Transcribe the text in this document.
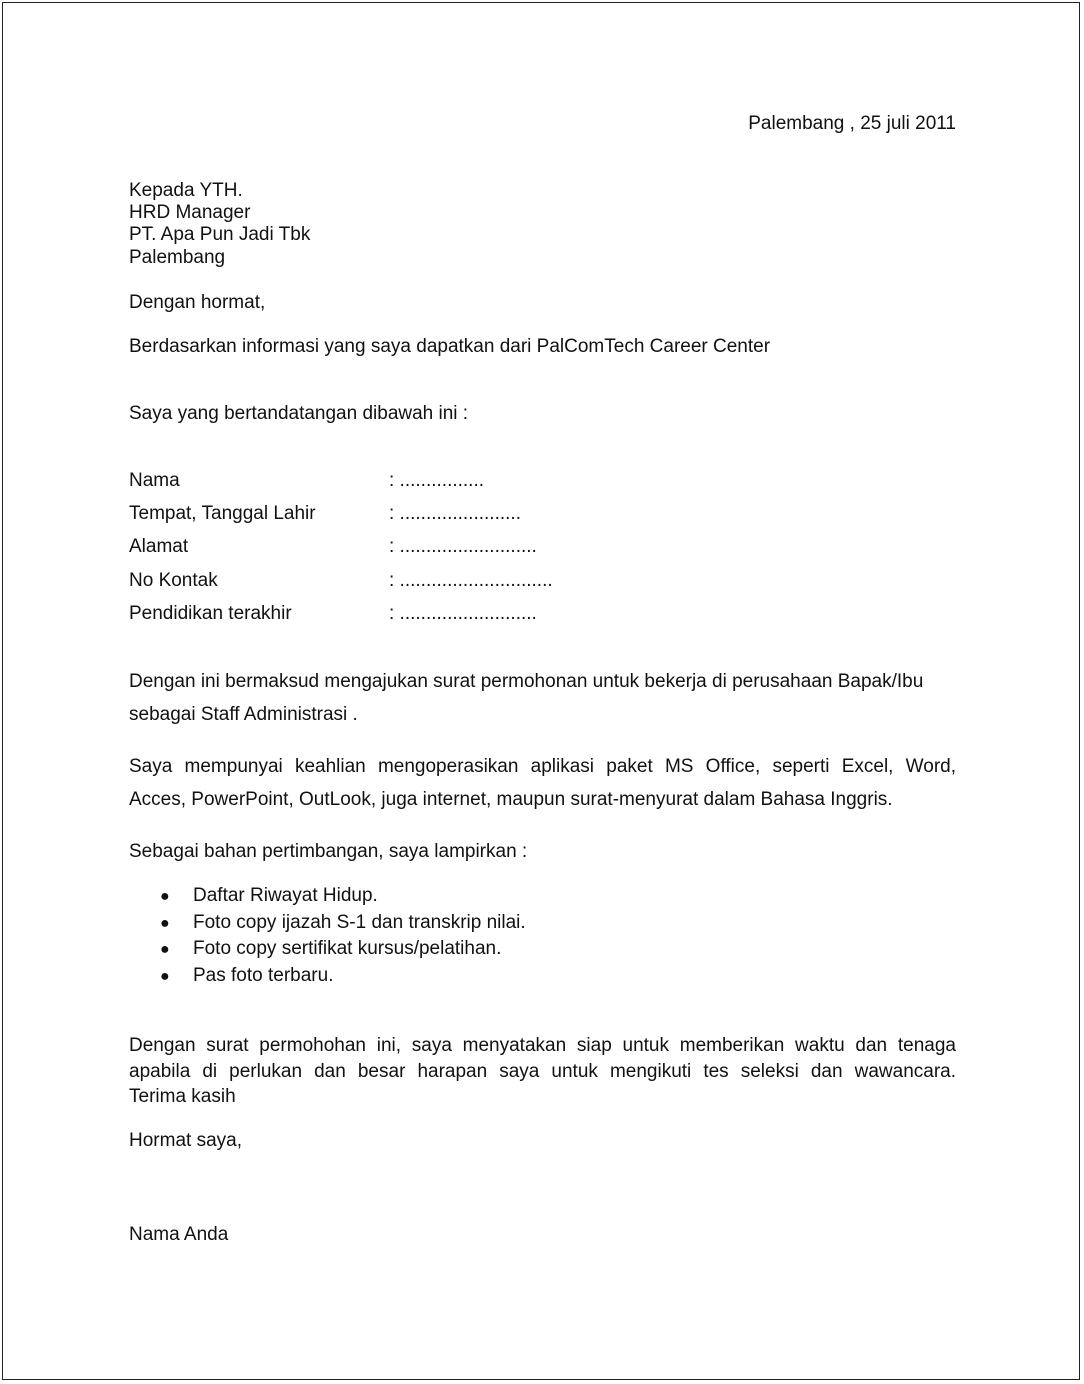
Palembang , 25 juli 2011
Kepada YTH.
HRD Manager
PT. Apa Pun Jadi Tbk
Palembang
Dengan hormat,
Berdasarkan informasi yang saya dapatkan dari PalComTech Career Center
Saya yang bertandatangan dibawah ini :
Nama	: ................
Tempat, Tanggal Lahir	: .......................
Alamat	: ..........................
No Kontak	: .............................
Pendidikan terakhir	: ..........................
Dengan ini bermaksud mengajukan surat permohonan untuk bekerja di perusahaan Bapak/Ibu
sebagai Staff Administrasi .
Saya mempunyai keahlian mengoperasikan aplikasi paket MS Office, seperti Excel, Word,
Acces, PowerPoint, OutLook, juga internet, maupun surat-menyurat dalam Bahasa Inggris.
Sebagai bahan pertimbangan, saya lampirkan :
● Daftar Riwayat Hidup.
● Foto copy ijazah S-1 dan transkrip nilai.
● Foto copy sertifikat kursus/pelatihan.
● Pas foto terbaru.
Dengan surat permohohan ini, saya menyatakan siap untuk memberikan waktu dan tenaga
apabila di perlukan dan besar harapan saya untuk mengikuti tes seleksi dan wawancara.
Terima kasih
Hormat saya,
Nama Anda
